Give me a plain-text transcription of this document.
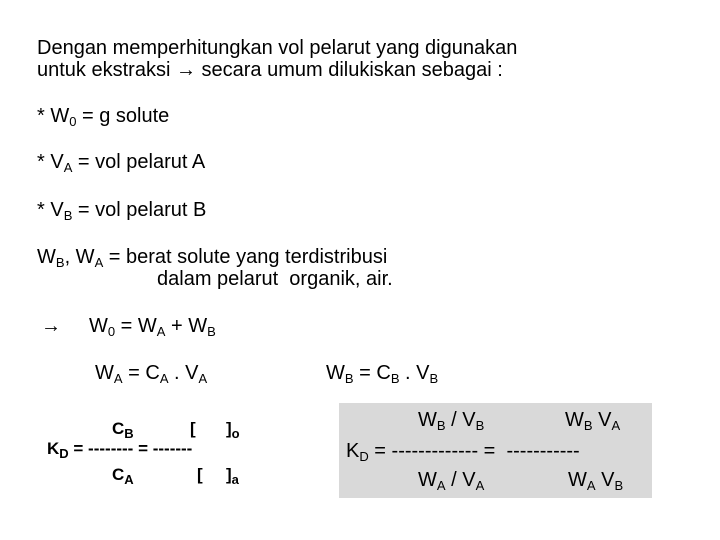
Dengan memperhitungkan vol pelarut yang digunakan
untuk ekstraksi → secara umum dilukiskan sebagai :
* $W_0 = g$ solute
* $V_A$ = vol pelarut A
* $V_B$ = vol pelarut B
$W_B$, $W_A$ = berat solute yang terdistribusi
dalam pelarut  organik, air.
→ $W_0 = W_A + W_B$
$W_A = C_A$ . $V_A$	$W_B = C_B$ . $V_B$
$C_B$	[ ]$_o$
$K_D$ = -------- = -------
$C_A$	[ ]$_a$
$W_B / V_B$	$W_B$ $V_A$
$K_D$ = ------------- =  -----------
$W_A / V_A$	$W_A$ $V_B$
